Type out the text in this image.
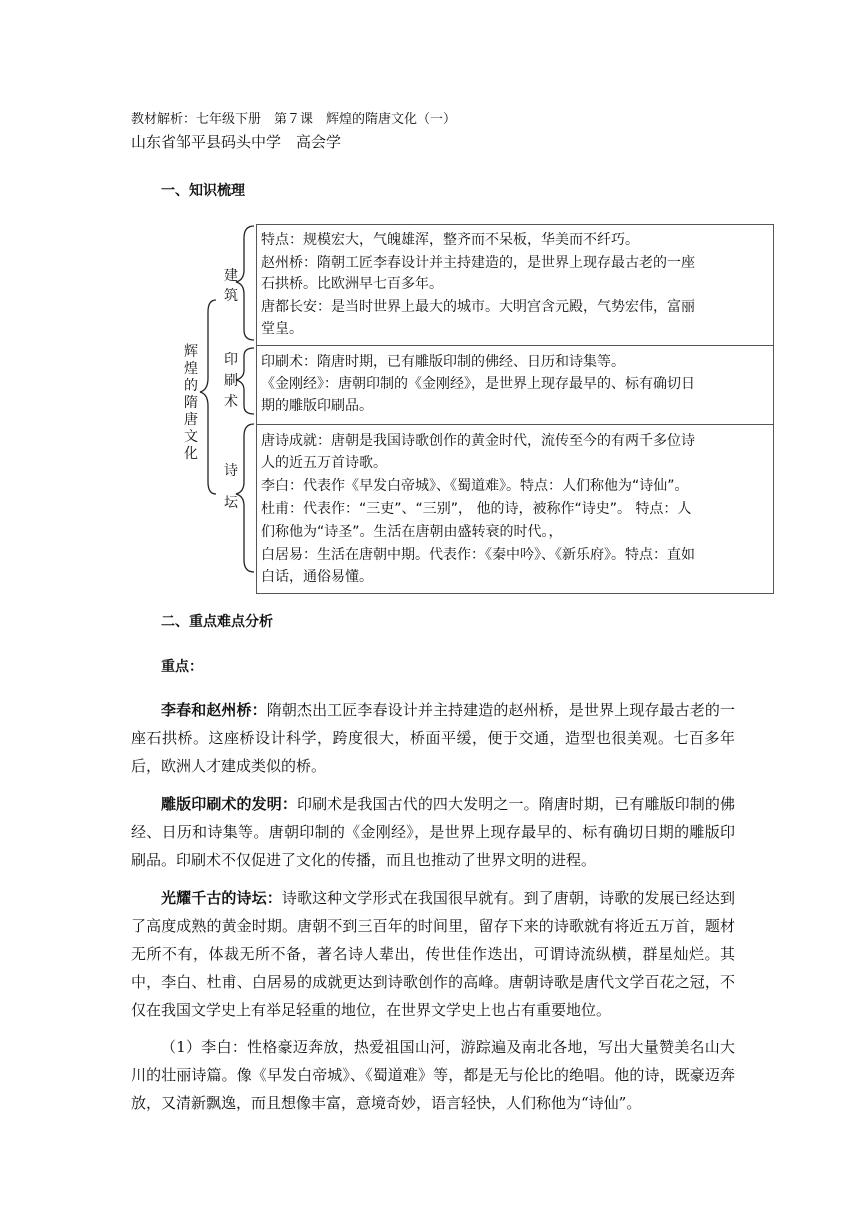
教材解析：七年级下册　第７课　辉煌的隋唐文化（一）
山东省邹平县码头中学　高会学
一、知识梳理
辉煌的隋唐文化
建筑
印刷术
诗坛
特点：规模宏大，气魄雄浑，整齐而不呆板，华美而不纤巧。
赵州桥：隋朝工匠李春设计并主持建造的，是世界上现存最古老的一座
石拱桥。比欧洲早七百多年。
唐都长安：是当时世界上最大的城市。大明宫含元殿，气势宏伟，富丽
堂皇。
印刷术：隋唐时期，已有雕版印制的佛经、日历和诗集等。
《金刚经》：唐朝印制的《金刚经》，是世界上现存最早的、标有确切日
期的雕版印刷品。
唐诗成就：唐朝是我国诗歌创作的黄金时代，流传至今的有两千多位诗
人的近五万首诗歌。
李白：代表作《早发白帝城》、《蜀道难》。特点：人们称他为“诗仙”。
杜甫：代表作：“三吏”、“三别”， 他的诗，被称作“诗史”。 特点：人
们称他为“诗圣”。生活在唐朝由盛转衰的时代。，
白居易：生活在唐朝中期。代表作：《秦中吟》、《新乐府》。特点：直如
白话，通俗易懂。
二、重点难点分析
重点：
李春和赵州桥：隋朝杰出工匠李春设计并主持建造的赵州桥，是世界上现存最古老的一座石拱桥。这座桥设计科学，跨度很大，桥面平缓，便于交通，造型也很美观。七百多年后，欧洲人才建成类似的桥。
雕版印刷术的发明：印刷术是我国古代的四大发明之一。隋唐时期，已有雕版印制的佛经、日历和诗集等。唐朝印制的《金刚经》，是世界上现存最早的、标有确切日期的雕版印刷品。印刷术不仅促进了文化的传播，而且也推动了世界文明的进程。
光耀千古的诗坛：诗歌这种文学形式在我国很早就有。到了唐朝，诗歌的发展已经达到了高度成熟的黄金时期。唐朝不到三百年的时间里，留存下来的诗歌就有将近五万首，题材无所不有，体裁无所不备，著名诗人辈出，传世佳作迭出，可谓诗流纵横，群星灿烂。其中，李白、杜甫、白居易的成就更达到诗歌创作的高峰。唐朝诗歌是唐代文学百花之冠，不仅在我国文学史上有举足轻重的地位，在世界文学史上也占有重要地位。
（1）李白：性格豪迈奔放，热爱祖国山河，游踪遍及南北各地，写出大量赞美名山大川的壮丽诗篇。像《早发白帝城》、《蜀道难》等，都是无与伦比的绝唱。他的诗，既豪迈奔放，又清新飘逸，而且想像丰富，意境奇妙，语言轻快，人们称他为“诗仙”。
